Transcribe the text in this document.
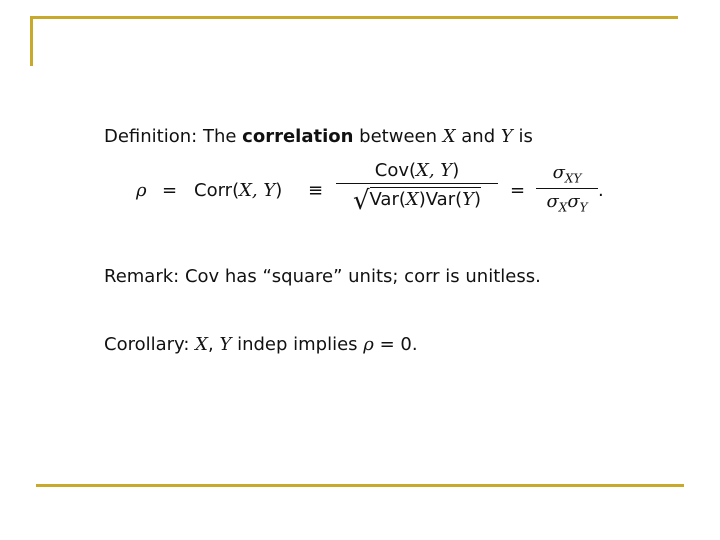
Definition: The correlation between X and Y is
ρ = Corr(X, Y) ≡
Cov(X, Y)
√Var(X)Var(Y)	=
$\sigma_{XY}$
$\sigma_X\sigma_Y$
.
Remark: Cov has “square” units; corr is unitless.
Corollary: X, Y indep implies ρ = 0.
